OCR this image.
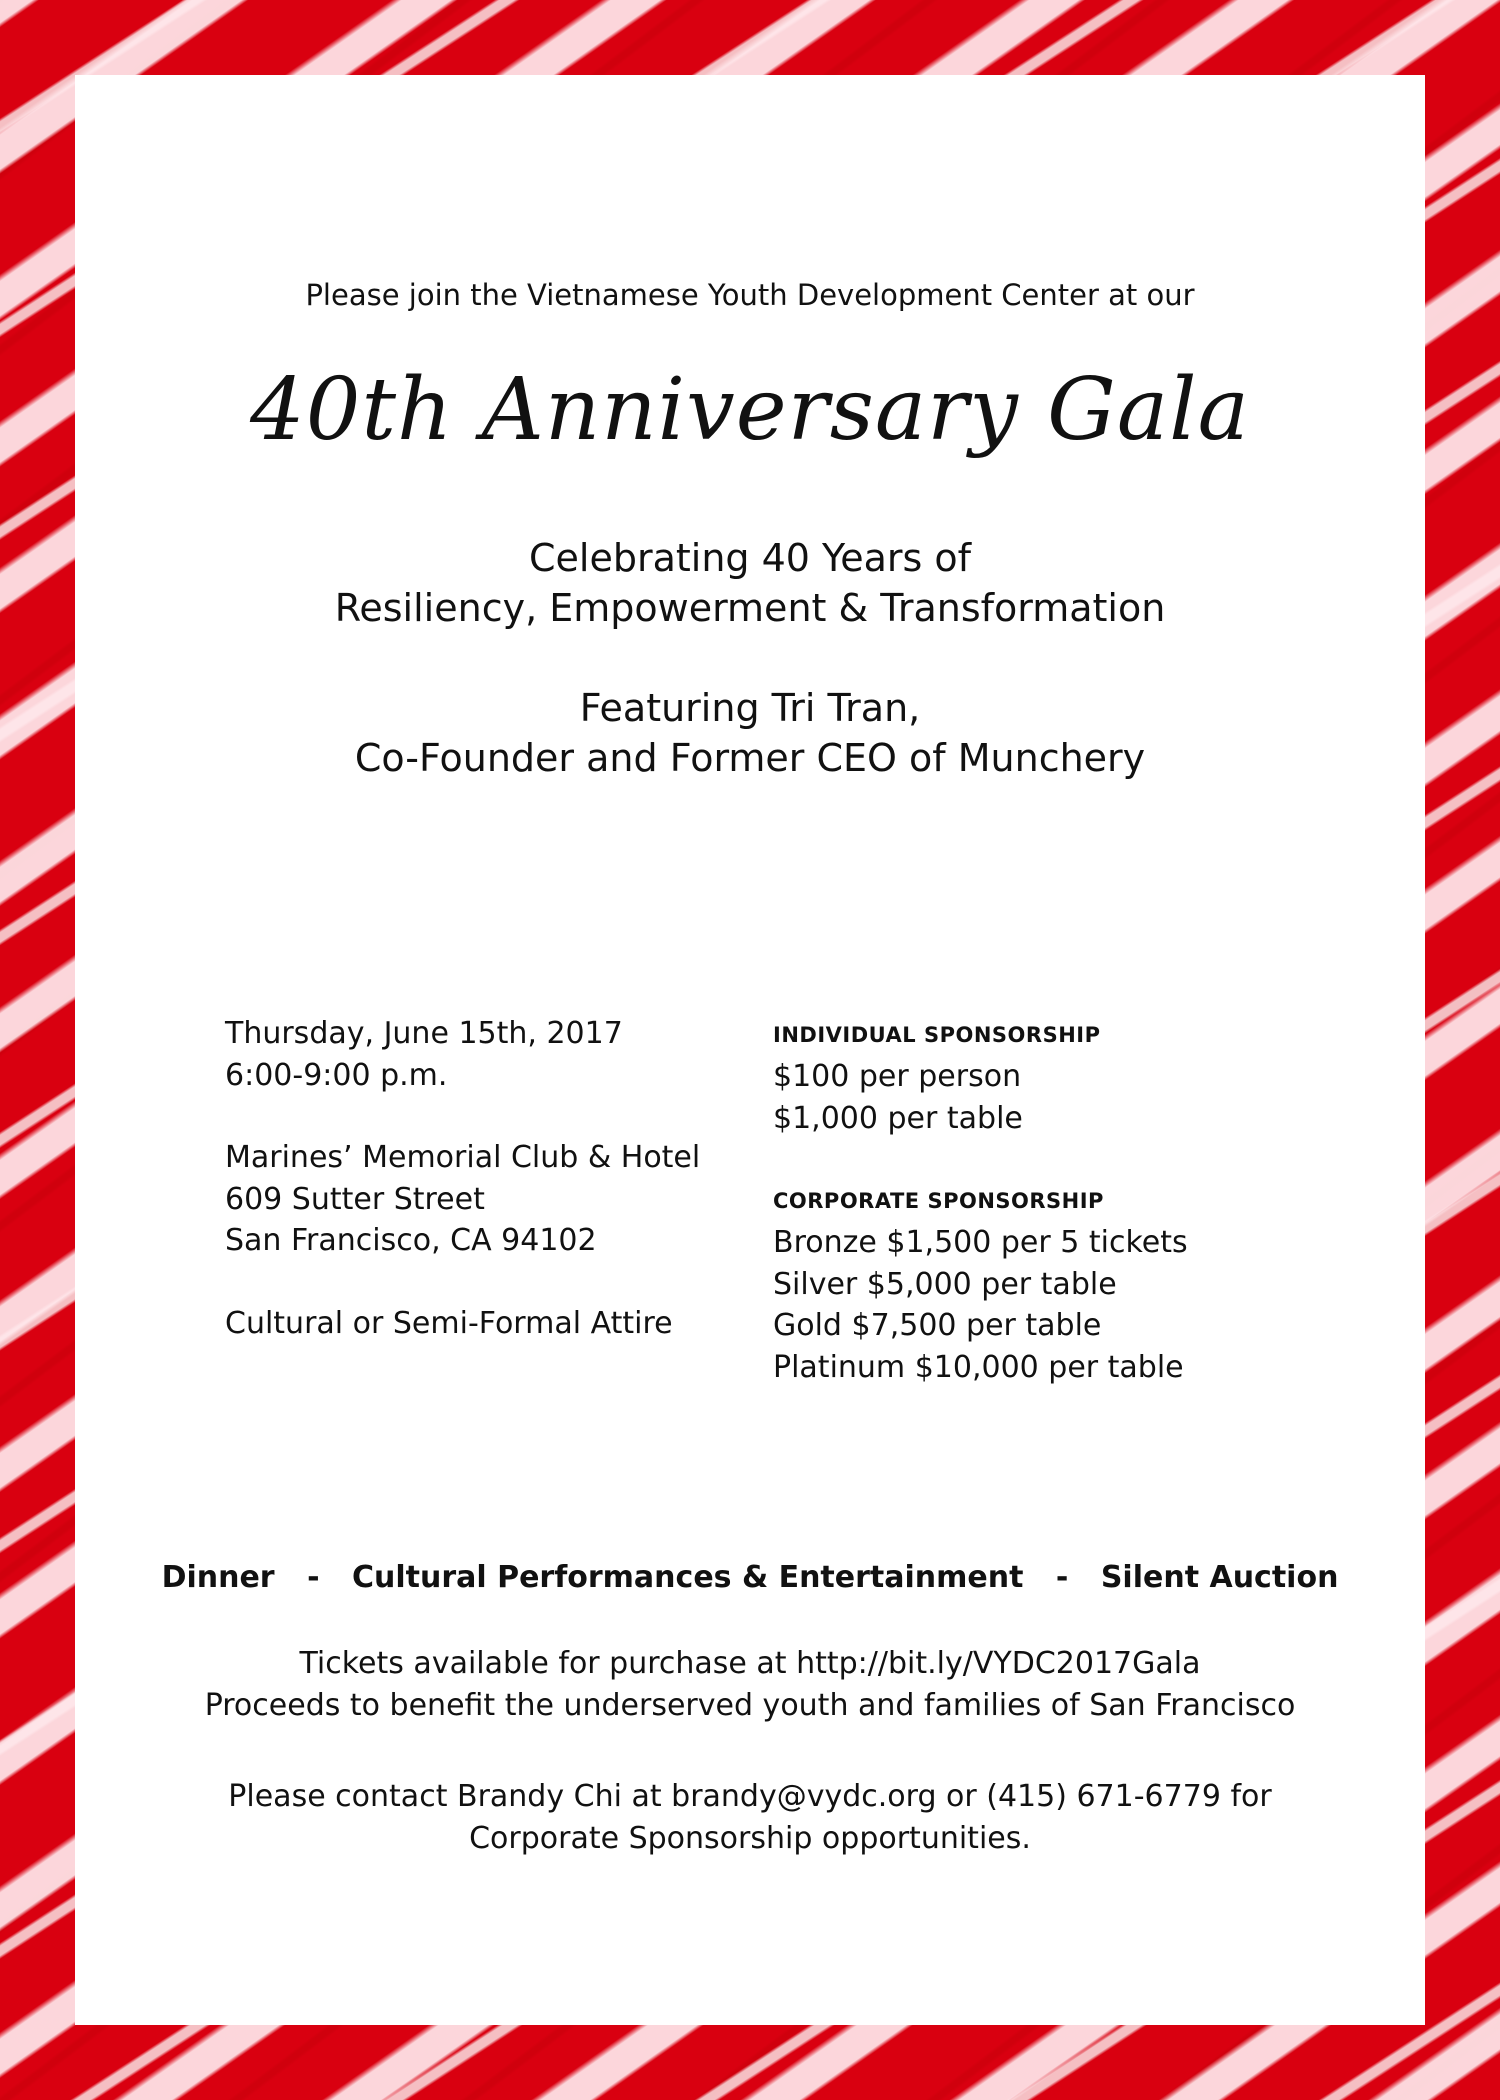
Please join the Vietnamese Youth Development Center at our
40th Anniversary Gala
Celebrating 40 Years of
Resiliency, Empowerment & Transformation
Featuring Tri Tran,
Co-Founder and Former CEO of Munchery
Thursday, June 15th, 2017
6:00-9:00 p.m.
Marines’ Memorial Club & Hotel
609 Sutter Street
San Francisco, CA 94102
Cultural or Semi-Formal Attire
INDIVIDUAL SPONSORSHIP
$100 per person
$1,000 per table
CORPORATE SPONSORSHIP
Bronze $1,500 per 5 tickets
Silver $5,000 per table
Gold $7,500 per table
Platinum $10,000 per table
Dinner - Cultural Performances & Entertainment - Silent Auction
Tickets available for purchase at http://bit.ly/VYDC2017Gala
Proceeds to benefit the underserved youth and families of San Francisco
Please contact Brandy Chi at brandy@vydc.org or (415) 671-6779 for
Corporate Sponsorship opportunities.
